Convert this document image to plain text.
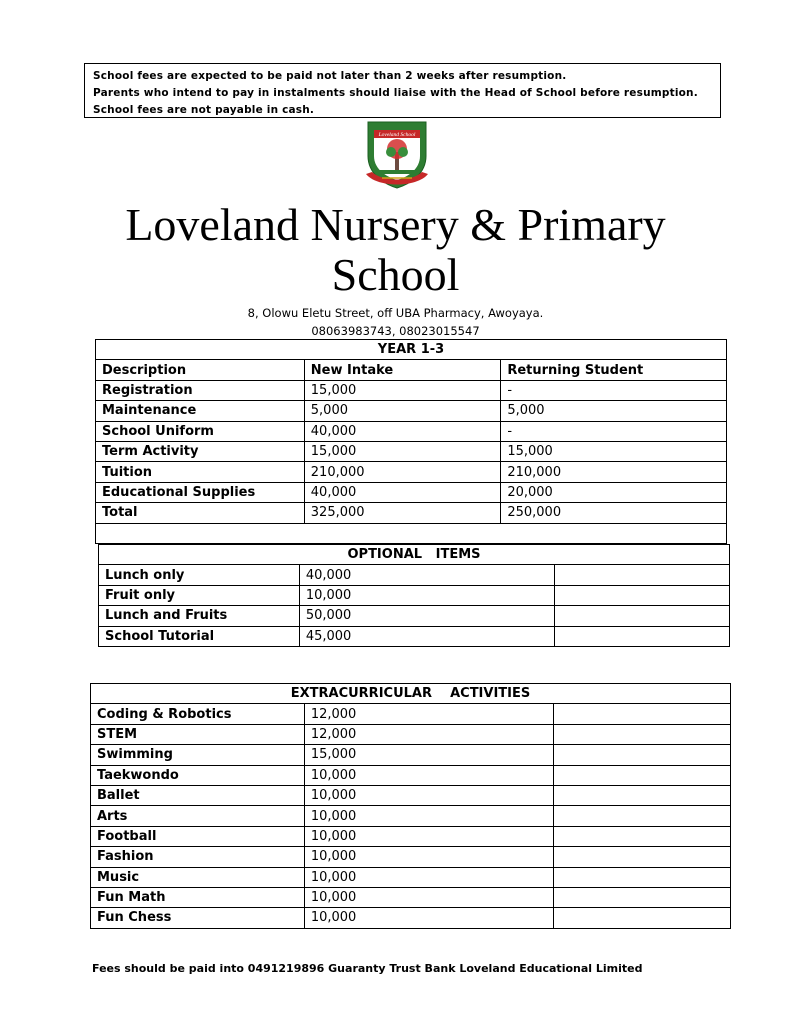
School fees are expected to be paid not later than 2 weeks after resumption.
Parents who intend to pay in instalments should liaise with the Head of School before resumption.
School fees are not payable in cash.
Loveland School
Loveland Nursery & Primary
School
8, Olowu Eletu Street, off UBA Pharmacy, Awoyaya.
08063983743, 08023015547
YEAR 1-3		
Description	New Intake	Returning Student
Registration	15,000	-
Maintenance	5,000	5,000
School Uniform	40,000	-
Term Activity	15,000	15,000
Tuition	210,000	210,000
Educational Supplies	40,000	20,000
Total	325,000	250,000

OPTIONAL   ITEMS		
Lunch only	40,000	
Fruit only	10,000	
Lunch and Fruits	50,000	
School Tutorial	45,000	
EXTRACURRICULAR    ACTIVITIES		
Coding & Robotics	12,000	
STEM	12,000	
Swimming	15,000	
Taekwondo	10,000	
Ballet	10,000	
Arts	10,000	
Football	10,000	
Fashion	10,000	
Music	10,000	
Fun Math	10,000	
Fun Chess	10,000	
Fees should be paid into 0491219896 Guaranty Trust Bank Loveland Educational Limited
